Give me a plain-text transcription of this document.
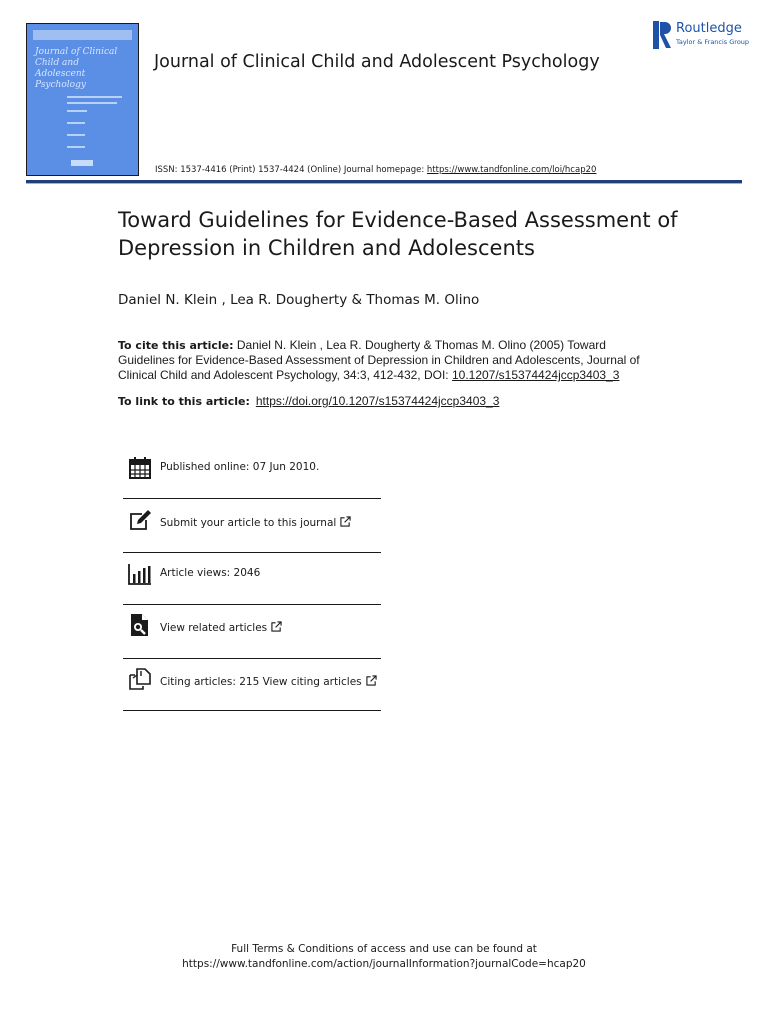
Journal of Clinical Child and Adolescent Psychology
Journal of Clinical Child and Adolescent Psychology
Routledge
Taylor & Francis Group
ISSN: 1537-4416 (Print) 1537-4424 (Online) Journal homepage: https://www.tandfonline.com/loi/hcap20
Toward Guidelines for Evidence-Based Assessment of Depression in Children and Adolescents
Daniel N. Klein , Lea R. Dougherty & Thomas M. Olino
To cite this article: Daniel N. Klein , Lea R. Dougherty & Thomas M. Olino (2005) Toward Guidelines for Evidence-Based Assessment of Depression in Children and Adolescents, Journal of Clinical Child and Adolescent Psychology, 34:3, 412-432, DOI: 10.1207/s15374424jccp3403_3
To link to this article: https://doi.org/10.1207/s15374424jccp3403_3
Published online: 07 Jun 2010.
Submit your article to this journal
Article views: 2046
View related articles
Citing articles: 215 View citing articles
Full Terms & Conditions of access and use can be found at
https://www.tandfonline.com/action/journalInformation?journalCode=hcap20
